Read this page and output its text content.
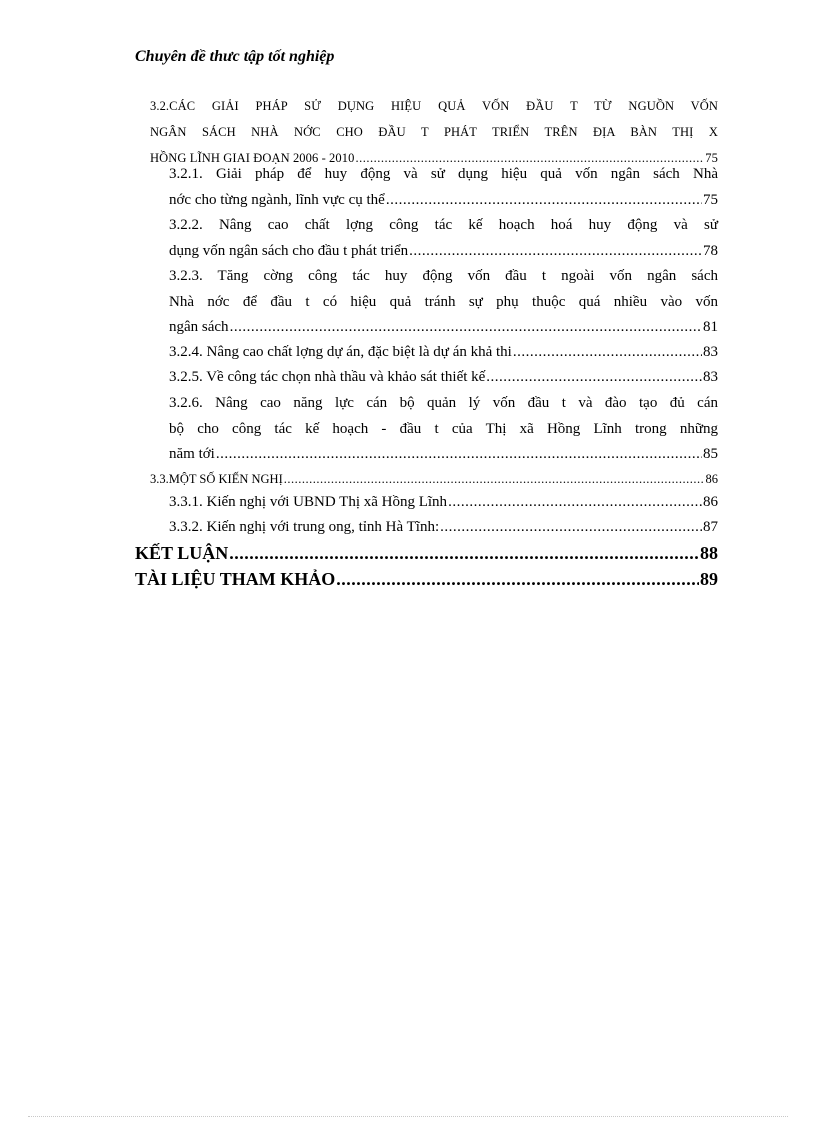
Chuyên đề thưc tập tốt nghiệp
3.2.CÁC GIẢI PHÁP SỬ DỤNG HIỆU QUẢ VỐN ĐẦU T TỪ NGUỒN VỐN
NGÂN SÁCH NHÀ NỚC CHO ĐẦU T PHÁT TRIỂN TRÊN ĐỊA BÀN THỊ X
HỒNG LĨNH GIAI ĐOẠN 2006 - 2010 .....	75
3.2.1. Giải pháp để huy động và sử dụng hiệu quả vốn ngân sách Nhà
nớc cho từng ngành, lĩnh vực cụ thể .....	75
3.2.2. Nâng cao chất lợng công tác kế hoạch hoá huy động và sử
dụng vốn ngân sách cho đầu t phát triển .....	78
3.2.3. Tăng cờng công tác huy động vốn đầu t ngoài vốn ngân sách
Nhà nớc để đầu t có hiệu quả tránh sự phụ thuộc quá nhiều vào vốn
ngân sách .....	81
3.2.4. Nâng cao chất lợng dự án, đặc biệt là dự án khả thi .....	83
3.2.5. Về công tác chọn nhà thầu và khảo sát thiết kế .....	83
3.2.6. Nâng cao năng lực cán bộ quản lý vốn đầu t và đào tạo đủ cán
bộ cho công tác kế hoạch - đầu t của Thị xã Hồng Lĩnh trong những
năm tới .....	85
3.3.MỘT SỐ KIẾN NGHỊ .....	86
3.3.1. Kiến nghị với UBND Thị xã Hồng Lĩnh .....	86
3.3.2. Kiến nghị với trung ong, tỉnh Hà Tĩnh: .....	87
KẾT LUẬN .....	88
TÀI LIỆU THAM KHẢO .....	89
